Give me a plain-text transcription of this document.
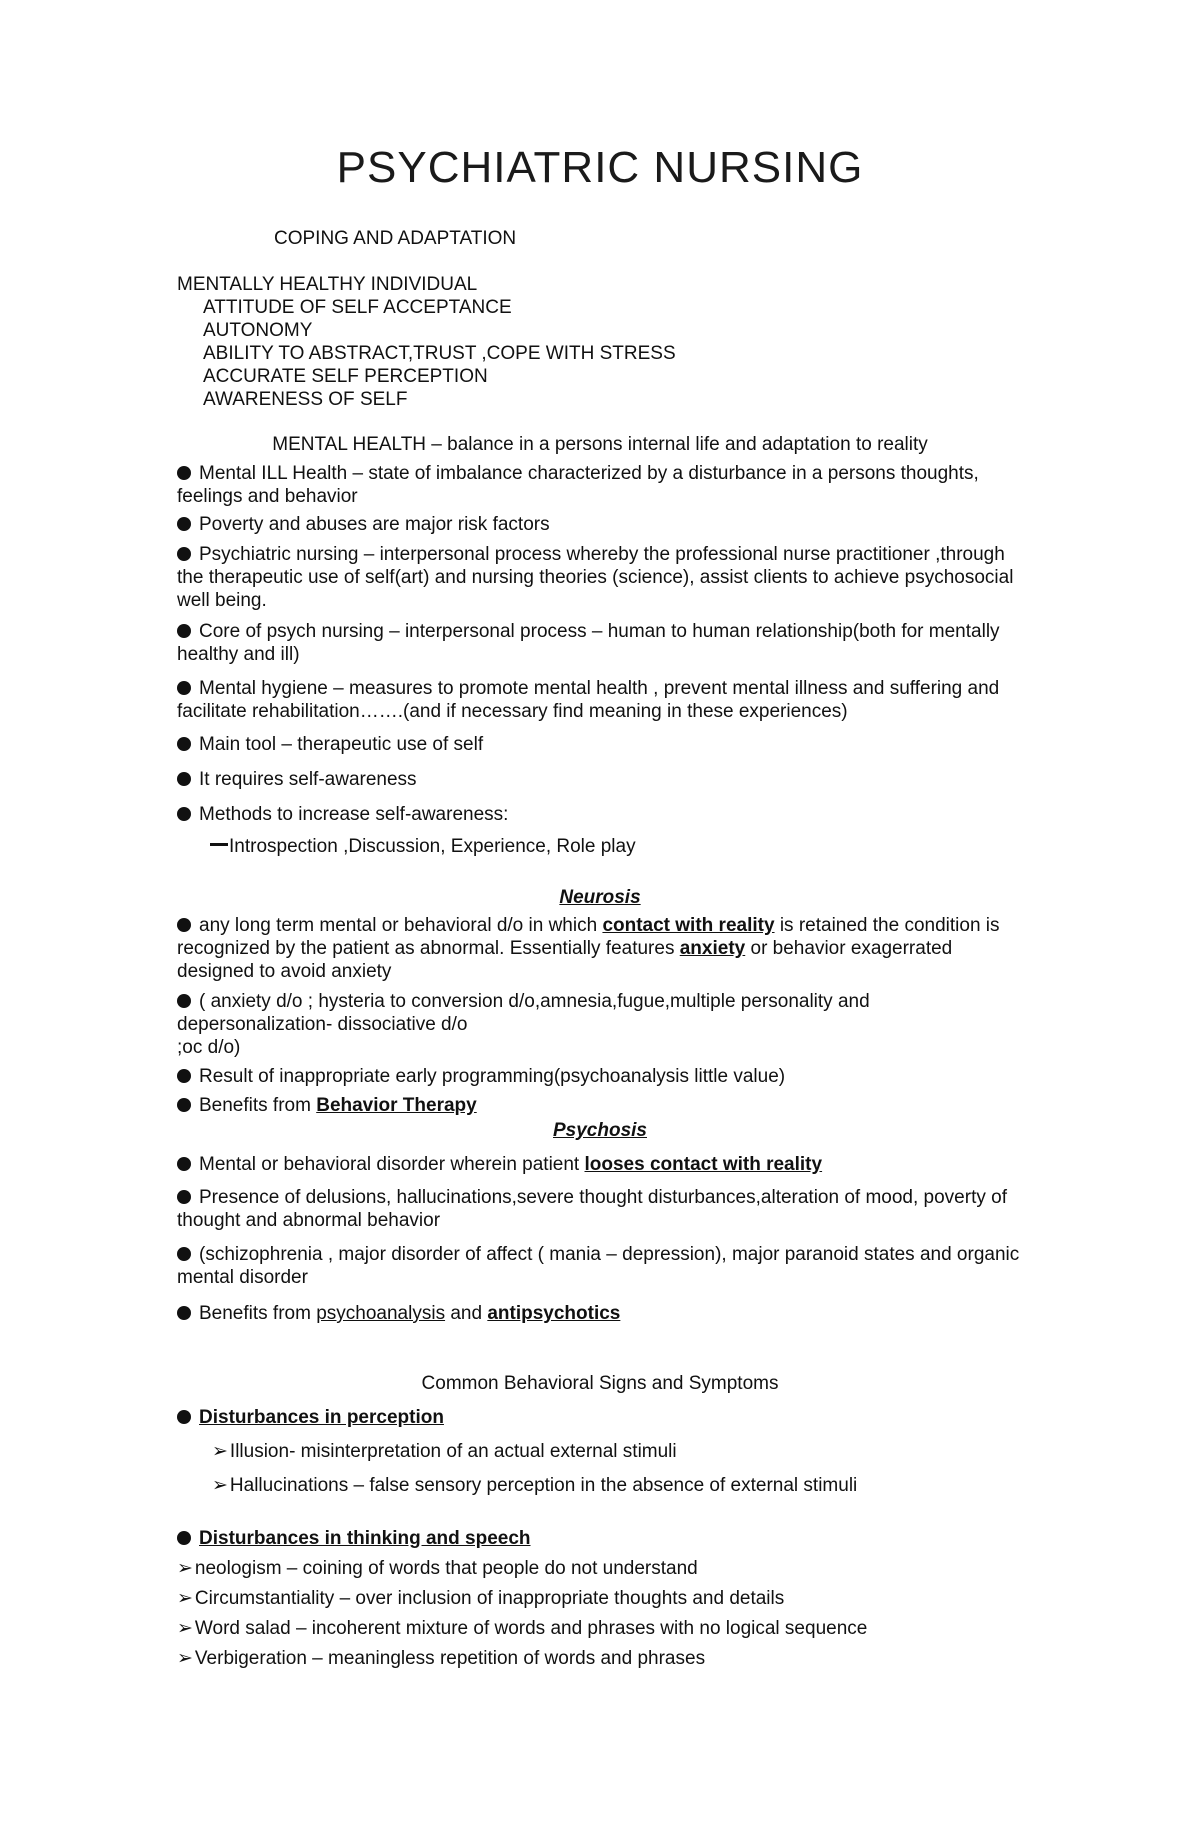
PSYCHIATRIC NURSING
COPING AND ADAPTATION
MENTALLY HEALTHY INDIVIDUAL
ATTITUDE OF SELF ACCEPTANCE
AUTONOMY
ABILITY TO ABSTRACT,TRUST ,COPE WITH STRESS
ACCURATE SELF PERCEPTION
AWARENESS OF SELF
MENTAL HEALTH – balance in a persons internal life and adaptation to reality
Mental ILL Health – state of imbalance characterized by a disturbance in a persons thoughts, feelings and behavior
Poverty and abuses are major risk factors
Psychiatric nursing – interpersonal process whereby the professional nurse practitioner ,through the therapeutic use of self(art) and nursing theories (science), assist clients to achieve psychosocial well being.
Core of psych nursing – interpersonal process – human to human relationship(both for mentally healthy and ill)
Mental hygiene – measures to promote mental health , prevent mental illness and suffering and facilitate rehabilitation…….(and if necessary find meaning in these experiences)
Main tool – therapeutic use of self
It requires self-awareness
Methods to increase self-awareness:
Introspection ,Discussion, Experience, Role play
Neurosis
any long term mental or behavioral d/o in which contact with reality is retained the condition is recognized by the patient as abnormal. Essentially features anxiety or behavior exagerrated designed to avoid anxiety
( anxiety d/o ; hysteria to conversion d/o,amnesia,fugue,multiple personality and depersonalization- dissociative d/o
;oc d/o)
Result of inappropriate early programming(psychoanalysis little value)
Benefits from Behavior Therapy
Psychosis
Mental or behavioral disorder wherein patient looses contact with reality
Presence of delusions, hallucinations,severe thought disturbances,alteration of mood, poverty of thought and abnormal behavior
(schizophrenia , major disorder of affect ( mania – depression), major paranoid states and organic mental disorder
Benefits from psychoanalysis and antipsychotics
Common Behavioral Signs and Symptoms
Disturbances in perception
➢ Illusion- misinterpretation of an actual external stimuli
➢ Hallucinations – false sensory perception in the absence of external stimuli
Disturbances in thinking and speech
➢ neologism – coining of words that people do not understand
➢ Circumstantiality – over inclusion of inappropriate thoughts and details
➢ Word salad – incoherent mixture of words and phrases with no logical sequence
➢ Verbigeration – meaningless repetition of words and phrases
